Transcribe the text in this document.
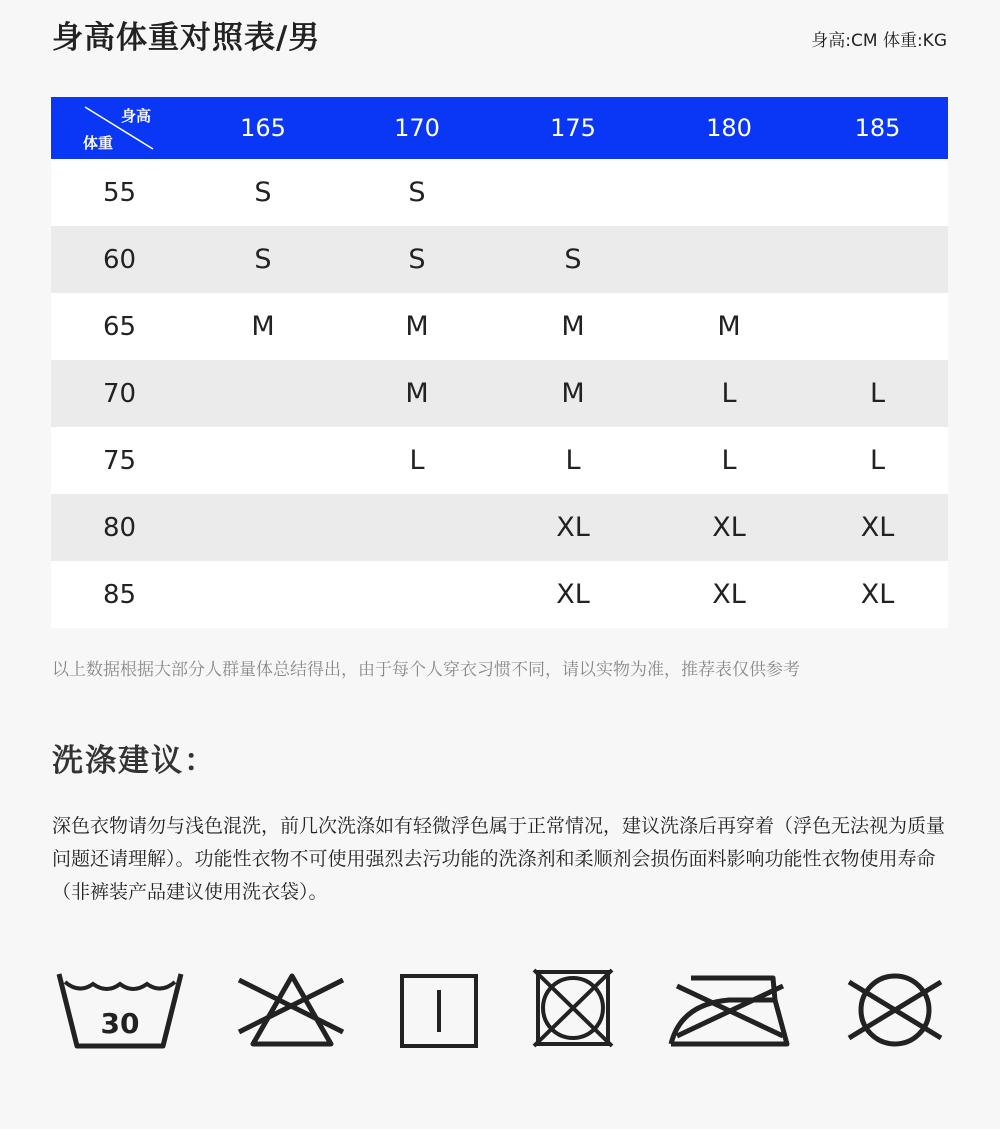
身高体重对照表/男	身高:CM 体重:KG
身高
体重	165	170	175	180	185
55	S	S			
60	S	S	S		
65	M	M	M	M	
70		M	M	L	L
75		L	L	L	L
80			XL	XL	XL
85			XL	XL	XL
以上数据根据大部分人群量体总结得出，由于每个人穿衣习惯不同，请以实物为准，推荐表仅供参考
洗涤建议：
深色衣物请勿与浅色混洗，前几次洗涤如有轻微浮色属于正常情况，建议洗涤后再穿着（浮色无法视为质量问题还请理解）。功能性衣物不可使用强烈去污功能的洗涤剂和柔顺剂会损伤面料影响功能性衣物使用寿命（非裤装产品建议使用洗衣袋）。
30
